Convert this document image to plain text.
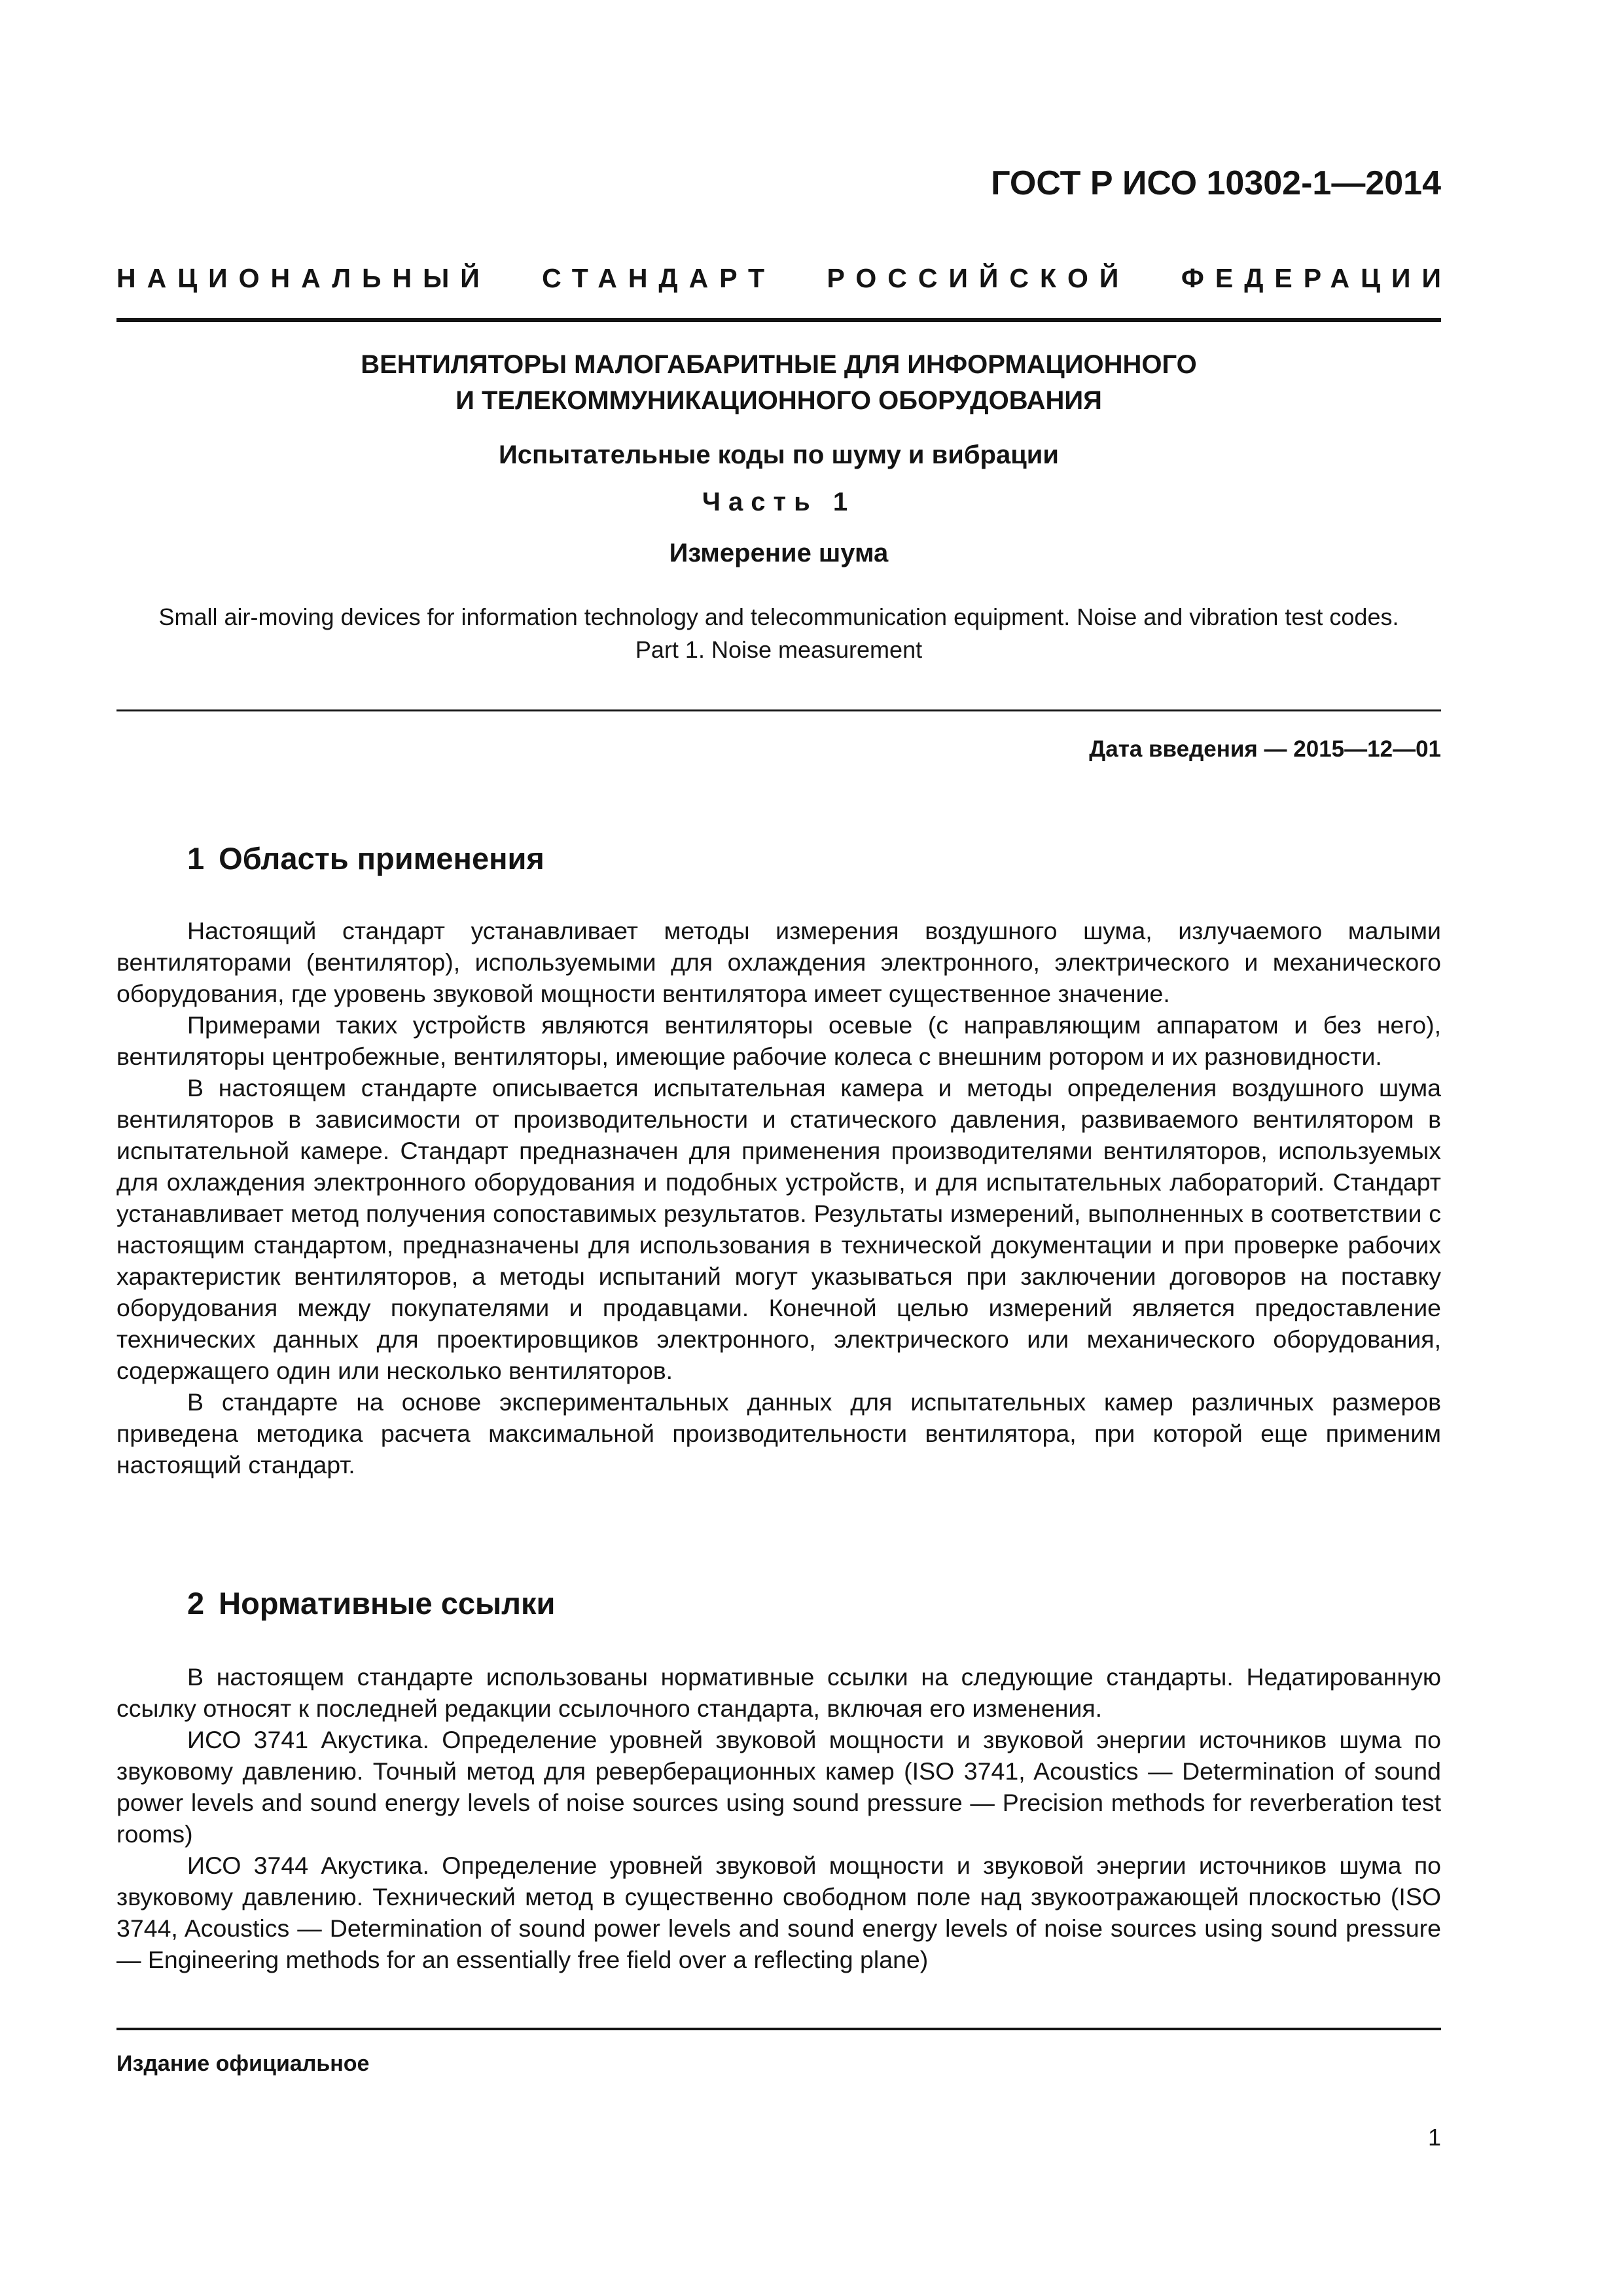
ГОСТ Р ИСО 10302-1—2014
НАЦИОНАЛЬНЫЙ СТАНДАРТ РОССИЙСКОЙ ФЕДЕРАЦИИ
ВЕНТИЛЯТОРЫ МАЛОГАБАРИТНЫЕ ДЛЯ ИНФОРМАЦИОННОГО
И ТЕЛЕКОММУНИКАЦИОННОГО ОБОРУДОВАНИЯ
Испытательные коды по шуму и вибрации
Часть 1
Измерение шума
Small air-moving devices for information technology and telecommunication equipment. Noise and vibration test codes.
Part 1. Noise measurement
Дата введения — 2015—12—01
1 Область применения

Настоящий стандарт устанавливает методы измерения воздушного шума, излучаемого малыми вентиляторами (вентилятор), используемыми для охлаждения электронного, электрического и механического оборудования, где уровень звуковой мощности вентилятора имеет существенное значение.

Примерами таких устройств являются вентиляторы осевые (с направляющим аппаратом и без него), вентиляторы центробежные, вентиляторы, имеющие рабочие колеса с внешним ротором и их разновидности.

В настоящем стандарте описывается испытательная камера и методы определения воздушного шума вентиляторов в зависимости от производительности и статического давления, развиваемого вентилятором в испытательной камере. Стандарт предназначен для применения производителями вентиляторов, используемых для охлаждения электронного оборудования и подобных устройств, и для испытательных лабораторий. Стандарт устанавливает метод получения сопоставимых результатов. Результаты измерений, выполненных в соответствии с настоящим стандартом, предназначены для использования в технической документации и при проверке рабочих характеристик вентиляторов, а методы испытаний могут указываться при заключении договоров на поставку оборудования между покупателями и продавцами. Конечной целью измерений является предоставление технических данных для проектировщиков электронного, электрического или механического оборудования, содержащего один или несколько вентиляторов.

В стандарте на основе экспериментальных данных для испытательных камер различных размеров приведена методика расчета максимальной производительности вентилятора, при которой еще применим настоящий стандарт.

2 Нормативные ссылки

В настоящем стандарте использованы нормативные ссылки на следующие стандарты. Недатированную ссылку относят к последней редакции ссылочного стандарта, включая его изменения.

ИСО 3741 Акустика. Определение уровней звуковой мощности и звуковой энергии источников шума по звуковому давлению. Точный метод для реверберационных камер (ISO 3741, Acoustics — Determination of sound power levels and sound energy levels of noise sources using sound pressure — Precision methods for reverberation test rooms)

ИСО 3744 Акустика. Определение уровней звуковой мощности и звуковой энергии источников шума по звуковому давлению. Технический метод в существенно свободном поле над звукоотражающей плоскостью (ISO 3744, Acoustics — Determination of sound power levels and sound energy levels of noise sources using sound pressure — Engineering methods for an essentially free field over a reflecting plane)

Издание официальное
1
